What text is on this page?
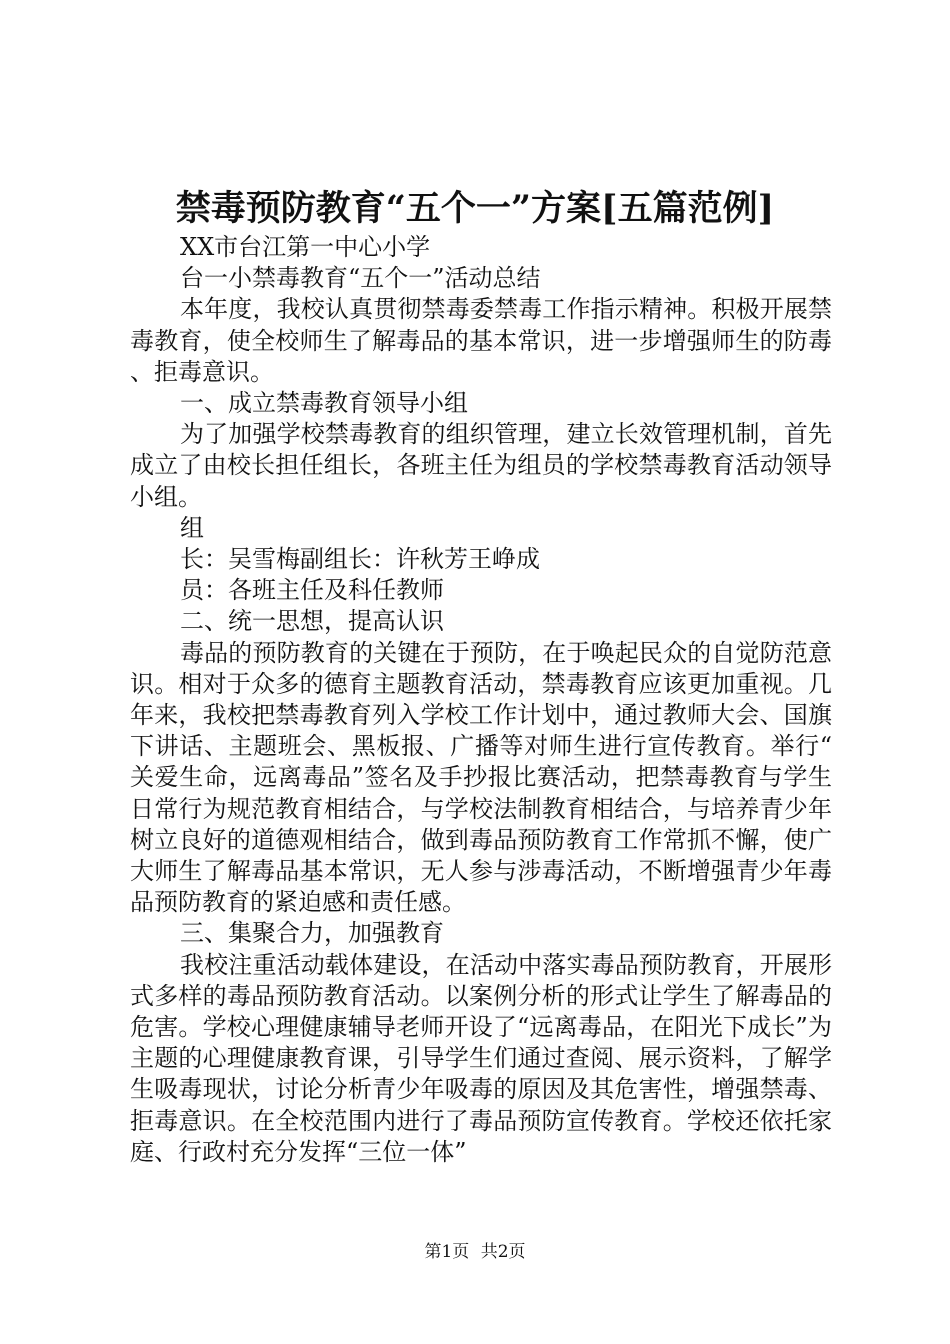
禁毒预防教育“五个一”方案[五篇范例]

XX市台江第一中心小学

台一小禁毒教育“五个一”活动总结

本年度，我校认真贯彻禁毒委禁毒工作指示精神。积极开展禁毒教育，使全校师生了解毒品的基本常识，进一步增强师生的防毒、拒毒意识。

一、成立禁毒教育领导小组

为了加强学校禁毒教育的组织管理，建立长效管理机制，首先成立了由校长担任组长，各班主任为组员的学校禁毒教育活动领导小组。

组

长：吴雪梅副组长：许秋芳王峥成

员：各班主任及科任教师

二、统一思想，提高认识

毒品的预防教育的关键在于预防，在于唤起民众的自觉防范意识。相对于众多的德育主题教育活动，禁毒教育应该更加重视。几年来，我校把禁毒教育列入学校工作计划中，通过教师大会、国旗下讲话、主题班会、黑板报、广播等对师生进行宣传教育。举行“关爱生命，远离毒品”签名及手抄报比赛活动，把禁毒教育与学生日常行为规范教育相结合，与学校法制教育相结合，与培养青少年树立良好的道德观相结合，做到毒品预防教育工作常抓不懈，使广大师生了解毒品基本常识，无人参与涉毒活动，不断增强青少年毒品预防教育的紧迫感和责任感。

三、集聚合力，加强教育

我校注重活动载体建设，在活动中落实毒品预防教育，开展形式多样的毒品预防教育活动。以案例分析的形式让学生了解毒品的危害。学校心理健康辅导老师开设了“远离毒品，在阳光下成长”为主题的心理健康教育课，引导学生们通过查阅、展示资料，了解学生吸毒现状，讨论分析青少年吸毒的原因及其危害性，增强禁毒、拒毒意识。在全校范围内进行了毒品预防宣传教育。学校还依托家庭、行政村充分发挥“三位一体”

第1页 共2页
